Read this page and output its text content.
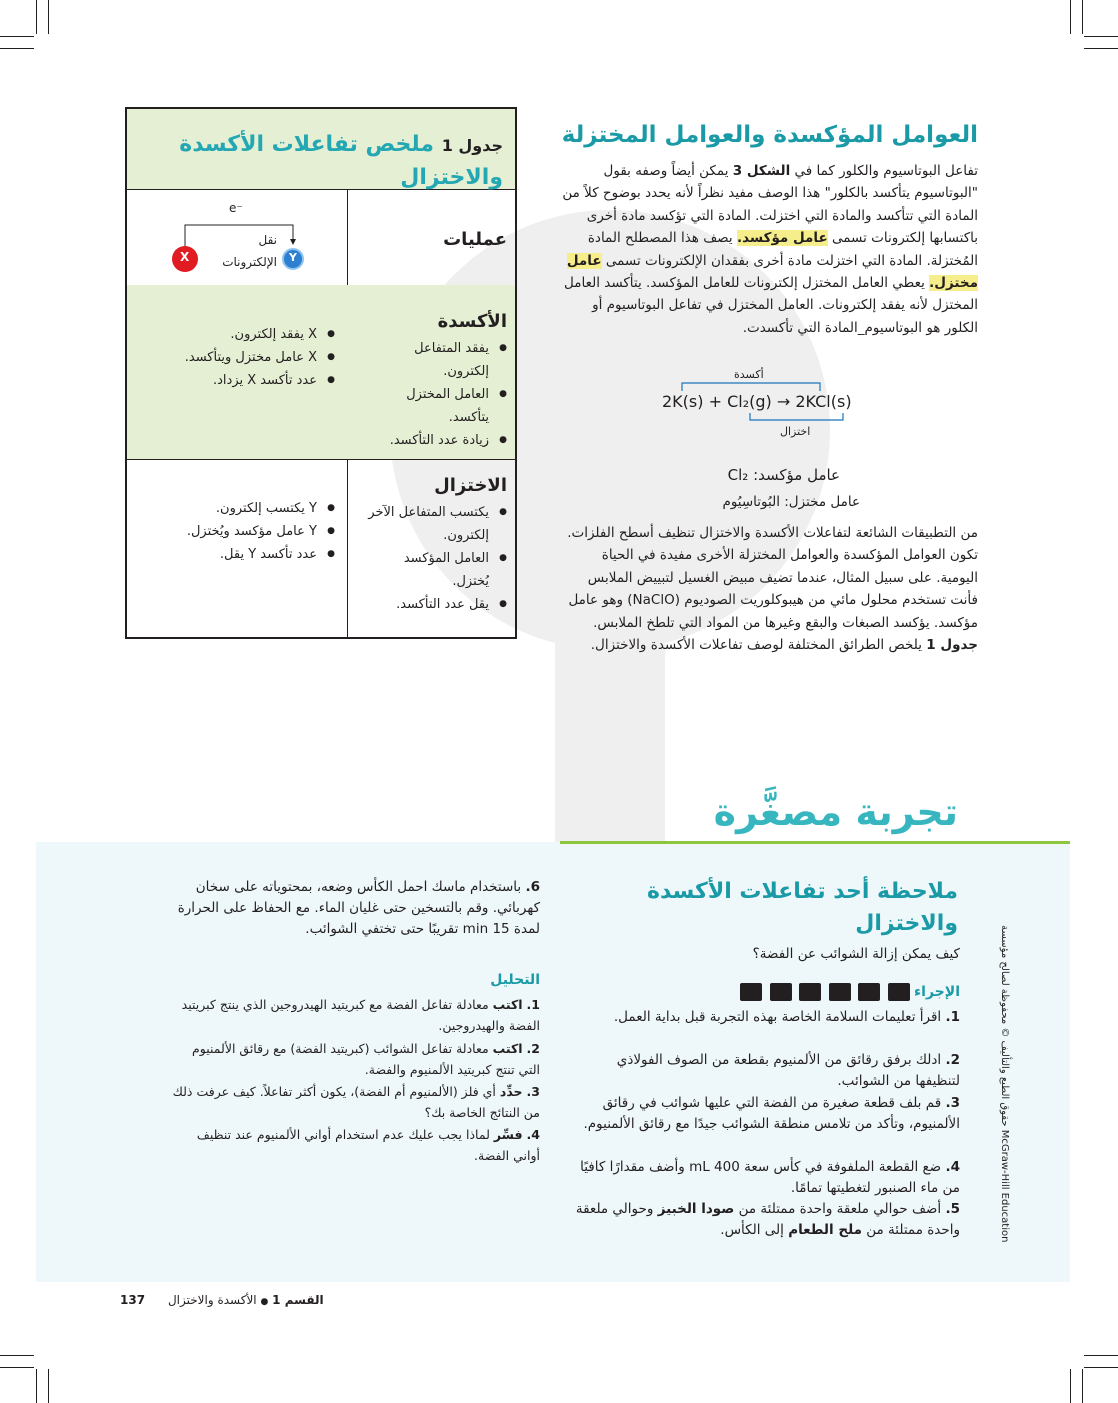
حقوق الطبع والتأليف © محفوظة لصالح مؤسسة McGraw-Hill Education
جدول 1 ملخص تفاعلات الأكسدة والاختزال
عمليات
e⁻
X	Y
نقل الإلكترونات
الأكسدة
● يفقد المتفاعل إلكترون.
● العامل المختزل يتأكسد.
● زيادة عدد التأكسد.
● X يفقد إلكترون.
● X عامل مختزل ويتأكسد.
● عدد تأكسد X يزداد.
الاختزال
● يكتسب المتفاعل الآخر إلكترون.
● العامل المؤكسد يُختزل.
● يقل عدد التأكسد.
● Y يكتسب إلكترون.
● Y عامل مؤكسد ويُختزل.
● عدد تأكسد Y يقل.
العوامل المؤكسدة والعوامل المختزلة
تفاعل البوتاسيوم والكلور كما في الشكل 3 يمكن أيضاً وصفه بقول "البوتاسيوم يتأكسد بالكلور" هذا الوصف مفيد نظراً لأنه يحدد بوضوح كلاً من المادة التي تتأكسد والمادة التي اختزلت. المادة التي تؤكسد مادة أخرى باكتسابها إلكترونات تسمى عامل مؤكسد. يصف هذا المصطلح المادة المُختزلة. المادة التي اختزلت مادة أخرى بفقدان الإلكترونات تسمى عامل مختزل. يعطي العامل المختزل إلكترونات للعامل المؤكسد. يتأكسد العامل المختزل لأنه يفقد إلكترونات. العامل المختزل في تفاعل البوتاسيوم أو الكلور هو البوتاسيوم_المادة التي تأكسدت.
أكسدة
2K(s) + Cl₂(g) → 2KCl(s)
اختزال
عامل مؤكسد: Cl₂
عامل مختزل: البُوتاسِيُوم
من التطبيقات الشائعة لتفاعلات الأكسدة والاختزال تنظيف أسطح الفلزات. تكون العوامل المؤكسدة والعوامل المختزلة الأخرى مفيدة في الحياة اليومية. على سبيل المثال، عندما تضيف مبيض الغسيل لتبييض الملابس فأنت تستخدم محلول مائي من هيبوكلوريت الصوديوم (NaClO) وهو عامل مؤكسد. يؤكسد الصبغات والبقع وغيرها من المواد التي تلطخ الملابس. جدول 1 يلخص الطرائق المختلفة لوصف تفاعلات الأكسدة والاختزال.
تجربة مصغَّرة
ملاحظة أحد تفاعلات الأكسدة والاختزال
كيف يمكن إزالة الشوائب عن الفضة؟
الإجراء
1. اقرأ تعليمات السلامة الخاصة بهذه التجربة قبل بداية العمل.
2. ادلك برفق رقائق من الألمنيوم بقطعة من الصوف الفولاذي لتنظيفها من الشوائب.
3. قم بلف قطعة صغيرة من الفضة التي عليها شوائب في رقائق الألمنيوم، وتأكد من تلامس منطقة الشوائب جيدًا مع رقائق الألمنيوم.
4. ضع القطعة الملفوفة في كأس سعة 400 mL وأضف مقدارًا كافيًا من ماء الصنبور لتغطيتها تمامًا.
5. أضف حوالي ملعقة واحدة ممتلئة من صودا الخبيز وحوالي ملعقة واحدة ممتلئة من ملح الطعام إلى الكأس.
6. باستخدام ماسك احمل الكأس وضعه، بمحتوياته على سخان كهربائي. وقم بالتسخين حتى غليان الماء. مع الحفاظ على الحرارة لمدة 15 min تقريبًا حتى تختفي الشوائب.
التحليل
1. اكتب معادلة تفاعل الفضة مع كبريتيد الهيدروجين الذي ينتج كبريتيد الفضة والهيدروجين.
2. اكتب معادلة تفاعل الشوائب (كبريتيد الفضة) مع رقائق الألمنيوم التي تنتج كبريتيد الألمنيوم والفضة.
3. حدِّد أي فلز (الألمنيوم أم الفضة)، يكون أكثر تفاعلاً. كيف عرفت ذلك من النتائج الخاصة بك؟
4. فسِّر لماذا يجب عليك عدم استخدام أواني الألمنيوم عند تنظيف أواني الفضة.
القسم 1 ● الأكسدة والاختزال      137
